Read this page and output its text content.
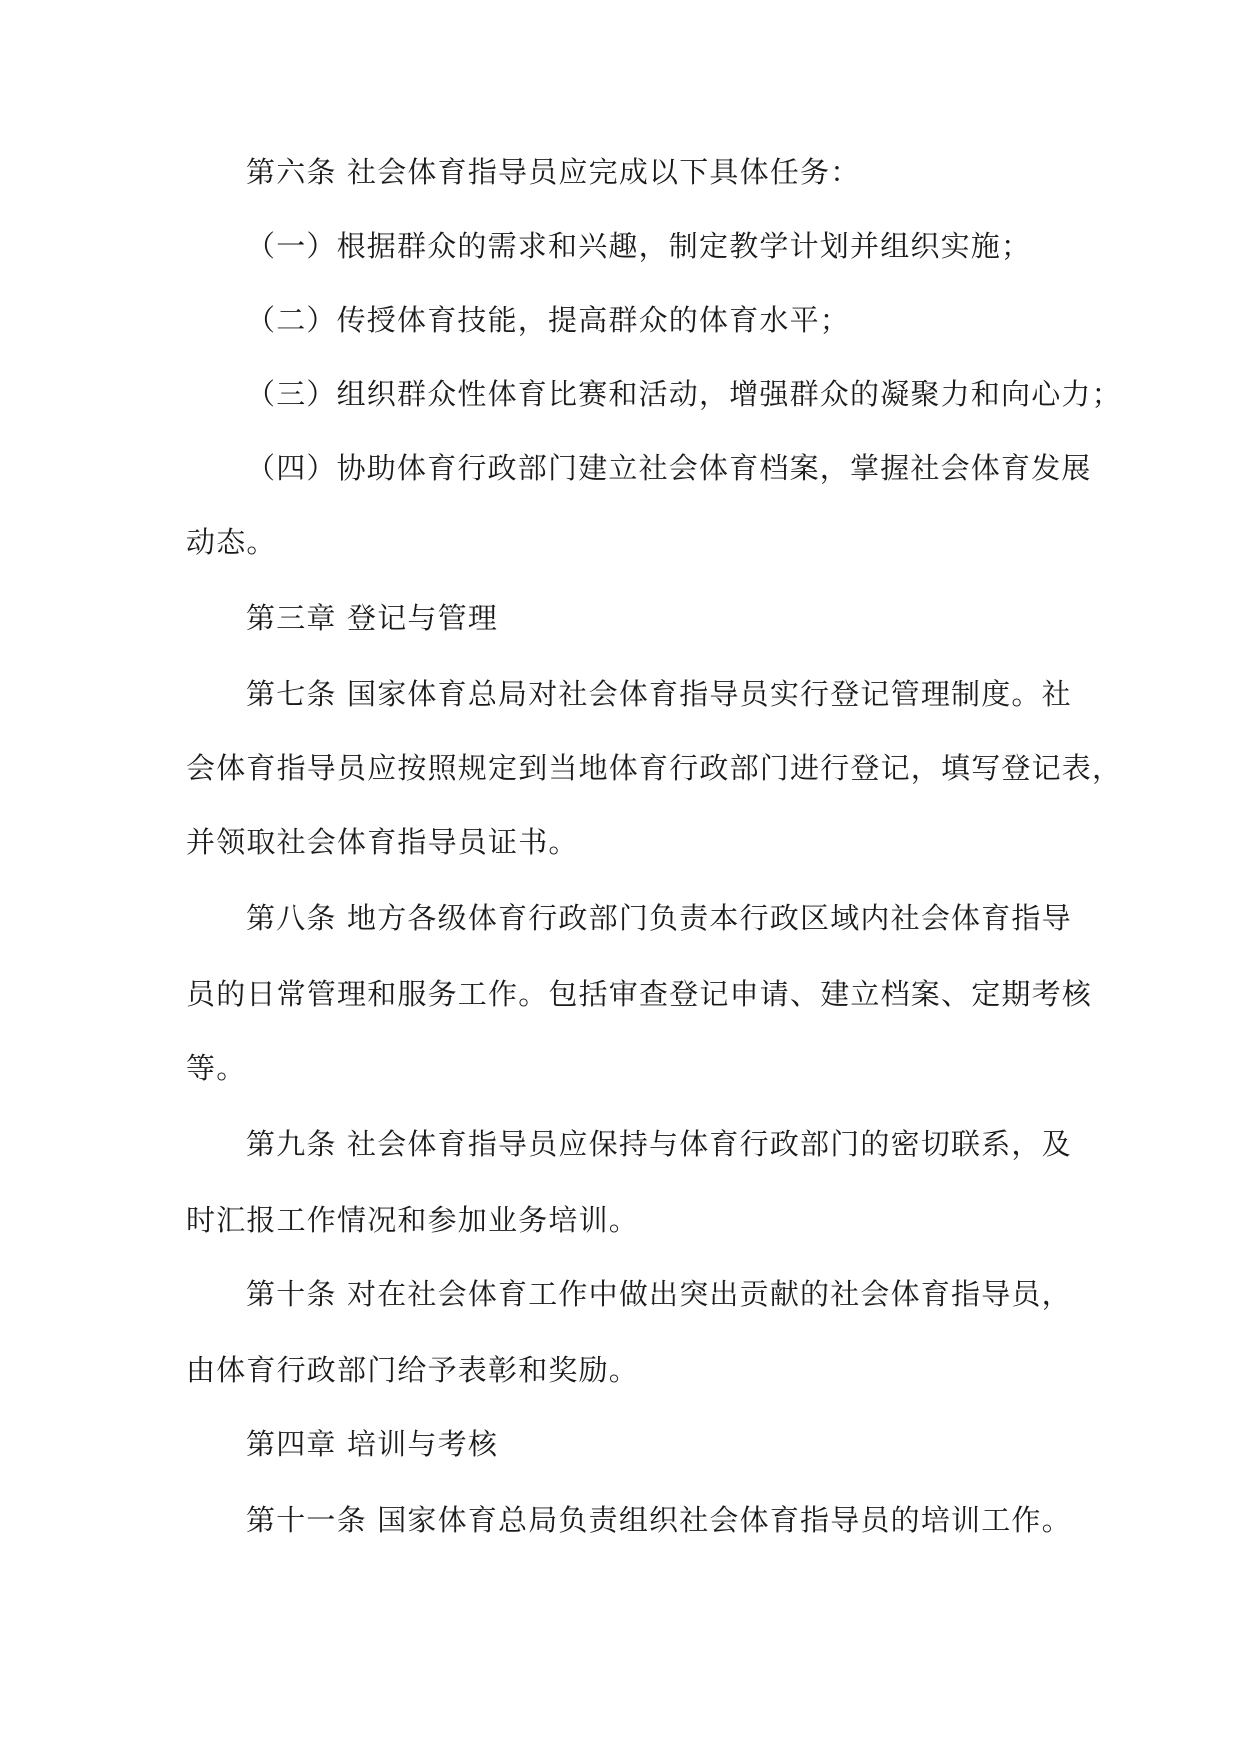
第六条 社会体育指导员应完成以下具体任务：
（一）根据群众的需求和兴趣，制定教学计划并组织实施；
（二）传授体育技能，提高群众的体育水平；
（三）组织群众性体育比赛和活动，增强群众的凝聚力和向心力；
（四）协助体育行政部门建立社会体育档案，掌握社会体育发展
动态。
第三章 登记与管理
第七条 国家体育总局对社会体育指导员实行登记管理制度。社
会体育指导员应按照规定到当地体育行政部门进行登记，填写登记表，
并领取社会体育指导员证书。
第八条 地方各级体育行政部门负责本行政区域内社会体育指导
员的日常管理和服务工作。包括审查登记申请、建立档案、定期考核
等。
第九条 社会体育指导员应保持与体育行政部门的密切联系，及
时汇报工作情况和参加业务培训。
第十条 对在社会体育工作中做出突出贡献的社会体育指导员，
由体育行政部门给予表彰和奖励。
第四章 培训与考核
第十一条 国家体育总局负责组织社会体育指导员的培训工作。
